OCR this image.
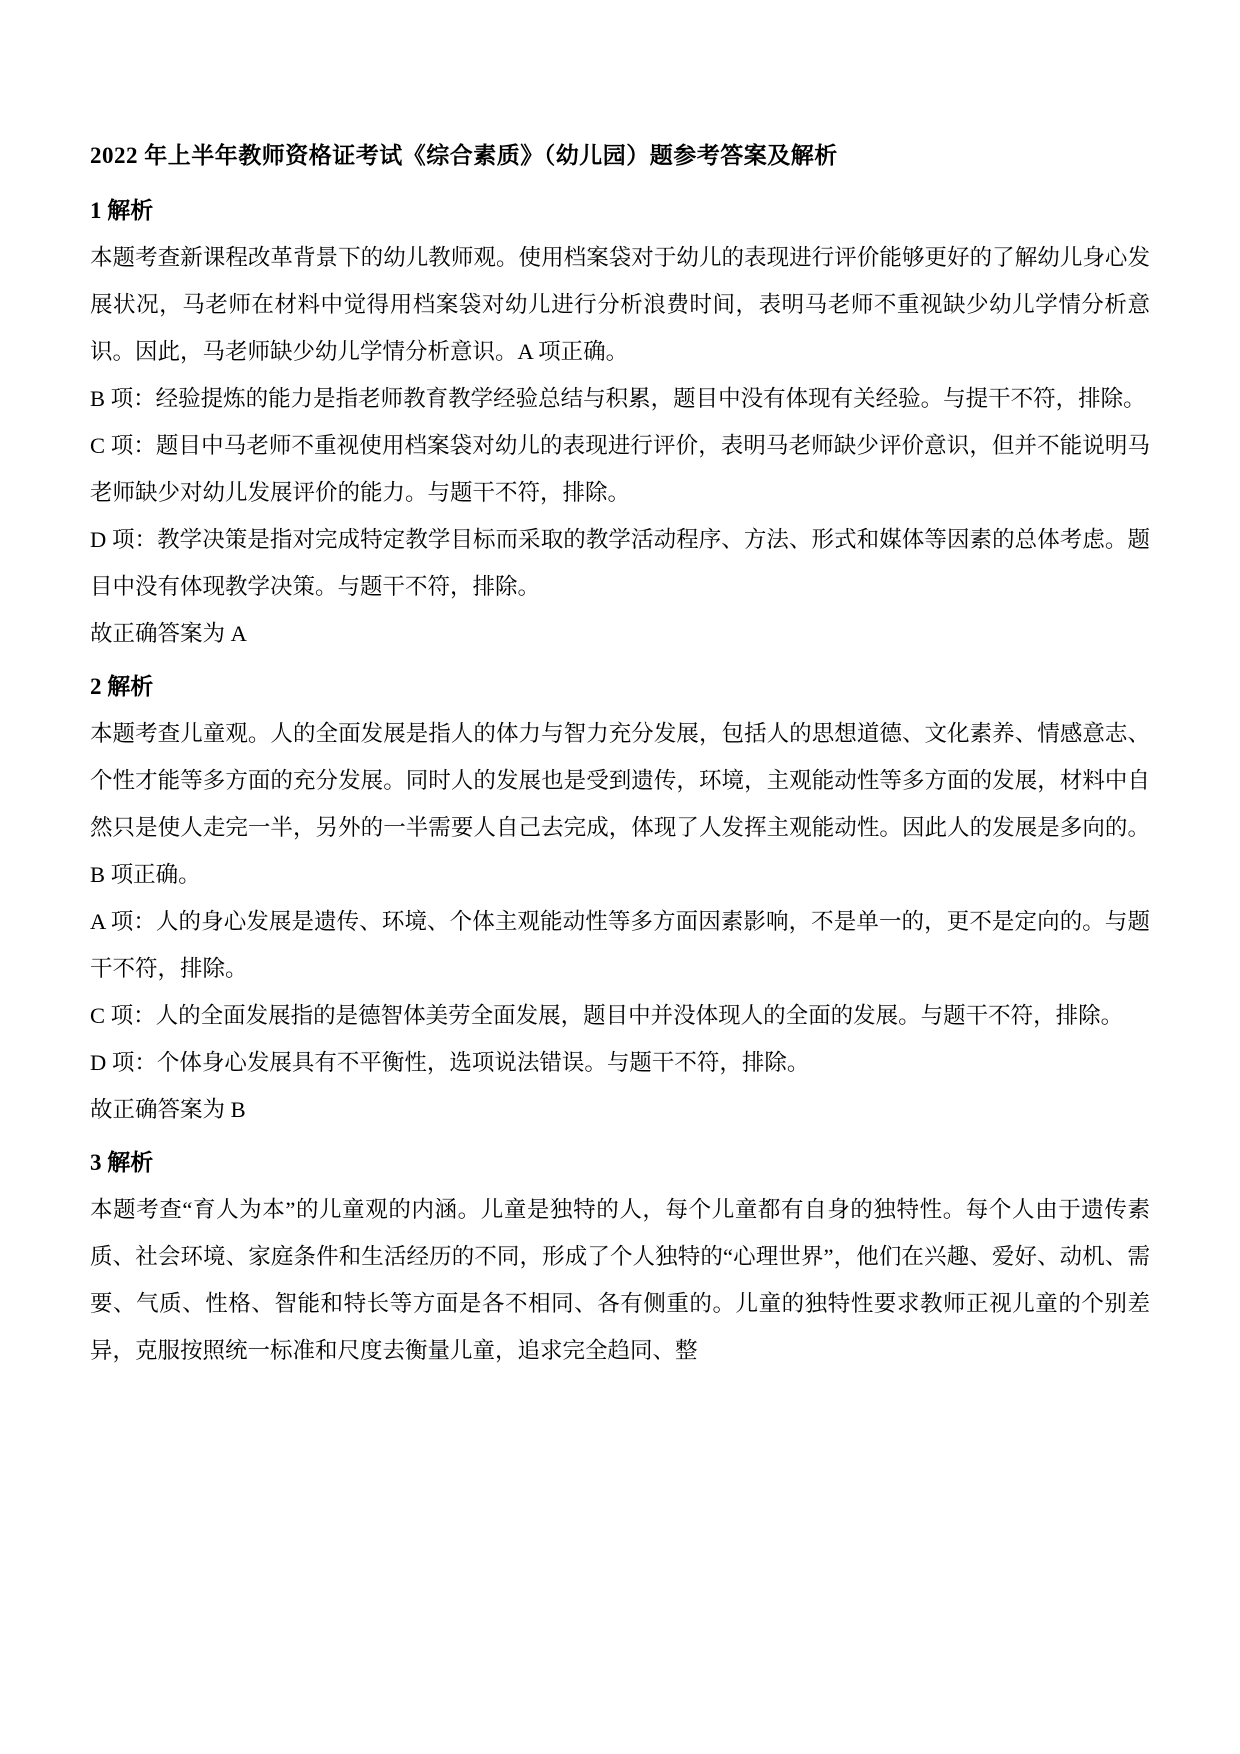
2022 年上半年教师资格证考试《综合素质》（幼儿园）题参考答案及解析
1 解析

本题考查新课程改革背景下的幼儿教师观。使用档案袋对于幼儿的表现进行评价能够更好的了解幼儿身心发展状况，马老师在材料中觉得用档案袋对幼儿进行分析浪费时间，表明马老师不重视缺少幼儿学情分析意识。因此，马老师缺少幼儿学情分析意识。A 项正确。

B 项：经验提炼的能力是指老师教育教学经验总结与积累，题目中没有体现有关经验。与提干不符，排除。

C 项：题目中马老师不重视使用档案袋对幼儿的表现进行评价，表明马老师缺少评价意识，但并不能说明马老师缺少对幼儿发展评价的能力。与题干不符，排除。

D 项：教学决策是指对完成特定教学目标而采取的教学活动程序、方法、形式和媒体等因素的总体考虑。题目中没有体现教学决策。与题干不符，排除。

故正确答案为 A

2 解析

本题考查儿童观。人的全面发展是指人的体力与智力充分发展，包括人的思想道德、文化素养、情感意志、个性才能等多方面的充分发展。同时人的发展也是受到遗传，环境，主观能动性等多方面的发展，材料中自然只是使人走完一半，另外的一半需要人自己去完成，体现了人发挥主观能动性。因此人的发展是多向的。B 项正确。

A 项：人的身心发展是遗传、环境、个体主观能动性等多方面因素影响，不是单一的，更不是定向的。与题干不符，排除。

C 项：人的全面发展指的是德智体美劳全面发展，题目中并没体现人的全面的发展。与题干不符，排除。

D 项：个体身心发展具有不平衡性，选项说法错误。与题干不符，排除。

故正确答案为 B

3 解析

本题考查“育人为本”的儿童观的内涵。儿童是独特的人，每个儿童都有自身的独特性。每个人由于遗传素质、社会环境、家庭条件和生活经历的不同，形成了个人独特的“心理世界”，他们在兴趣、爱好、动机、需要、气质、性格、智能和特长等方面是各不相同、各有侧重的。儿童的独特性要求教师正视儿童的个别差异，克服按照统一标准和尺度去衡量儿童，追求完全趋同、整
